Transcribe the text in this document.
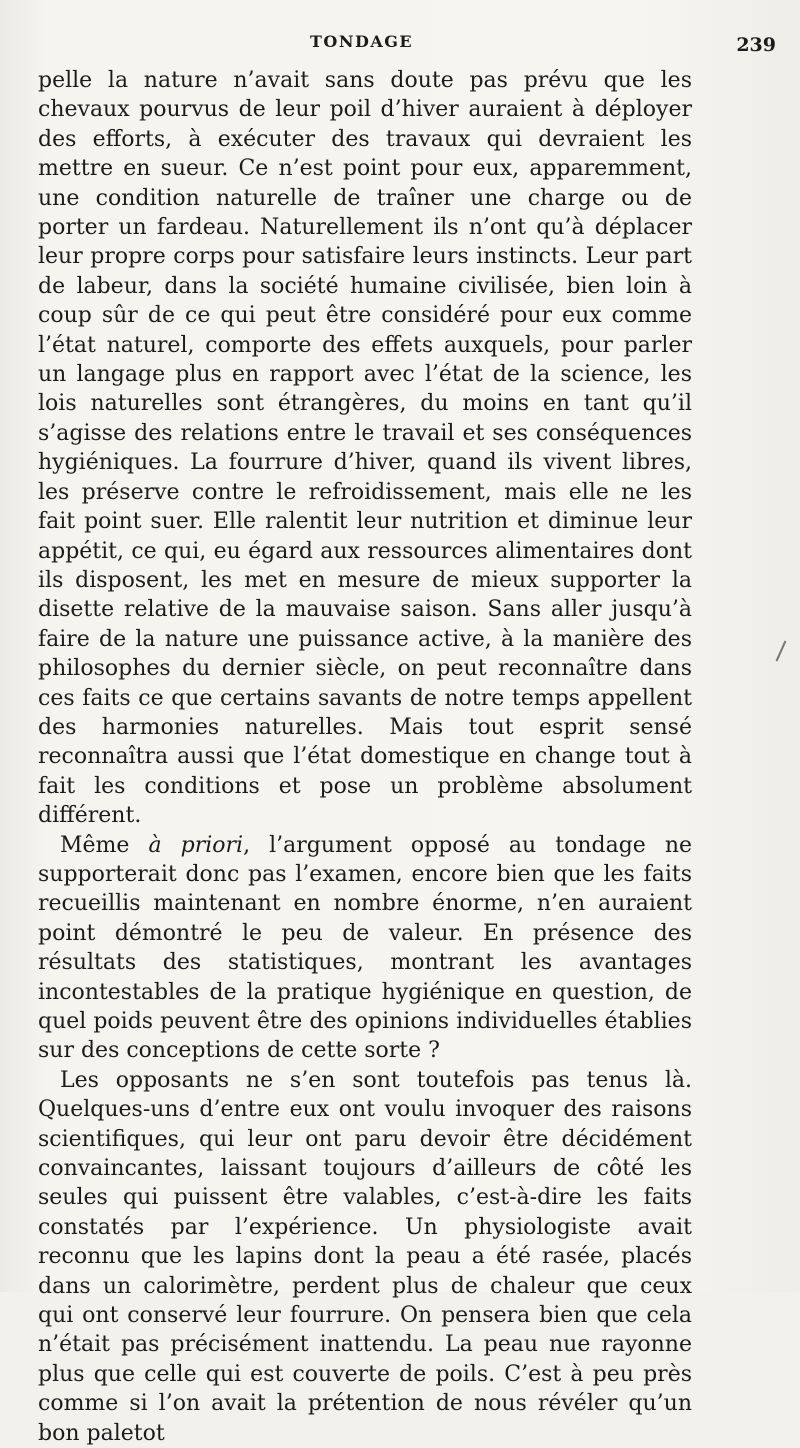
TONDAGE	239

pelle la nature n’avait sans doute pas prévu que les chevaux pourvus de leur poil d’hiver auraient à déployer des efforts, à exécuter des travaux qui devraient les mettre en sueur. Ce n’est point pour eux, apparemment, une condition naturelle de traîner une charge ou de porter un fardeau. Naturellement ils n’ont qu’à déplacer leur propre corps pour satisfaire leurs instincts. Leur part de labeur, dans la société humaine civilisée, bien loin à coup sûr de ce qui peut être considéré pour eux comme l’état naturel, comporte des effets auxquels, pour parler un langage plus en rapport avec l’état de la science, les lois naturelles sont étrangères, du moins en tant qu’il s’agisse des relations entre le travail et ses conséquences hygiéniques. La fourrure d’hiver, quand ils vivent libres, les préserve contre le refroidissement, mais elle ne les fait point suer. Elle ralentit leur nutrition et diminue leur appétit, ce qui, eu égard aux ressources alimentaires dont ils disposent, les met en mesure de mieux supporter la disette relative de la mauvaise saison. Sans aller jusqu’à faire de la nature une puissance active, à la manière des philosophes du dernier siècle, on peut reconnaître dans ces faits ce que certains savants de notre temps appellent des harmonies naturelles. Mais tout esprit sensé reconnaîtra aussi que l’état domestique en change tout à fait les conditions et pose un problème absolument différent.

Même à priori, l’argument opposé au tondage ne supporterait donc pas l’examen, encore bien que les faits recueillis maintenant en nombre énorme, n’en auraient point démontré le peu de valeur. En présence des résultats des statistiques, montrant les avantages incontestables de la pratique hygiénique en question, de quel poids peuvent être des opinions individuelles établies sur des conceptions de cette sorte ?

Les opposants ne s’en sont toutefois pas tenus là. Quelques-uns d’entre eux ont voulu invoquer des raisons scientifiques, qui leur ont paru devoir être décidément convaincantes, laissant toujours d’ailleurs de côté les seules qui puissent être valables, c’est-à-dire les faits constatés par l’expérience. Un physiologiste avait reconnu que les lapins dont la peau a été rasée, placés dans un calorimètre, perdent plus de chaleur que ceux qui ont conservé leur fourrure. On pensera bien que cela n’était pas précisément inattendu. La peau nue rayonne plus que celle qui est couverte de poils. C’est à peu près comme si l’on avait la prétention de nous révéler qu’un bon paletot
